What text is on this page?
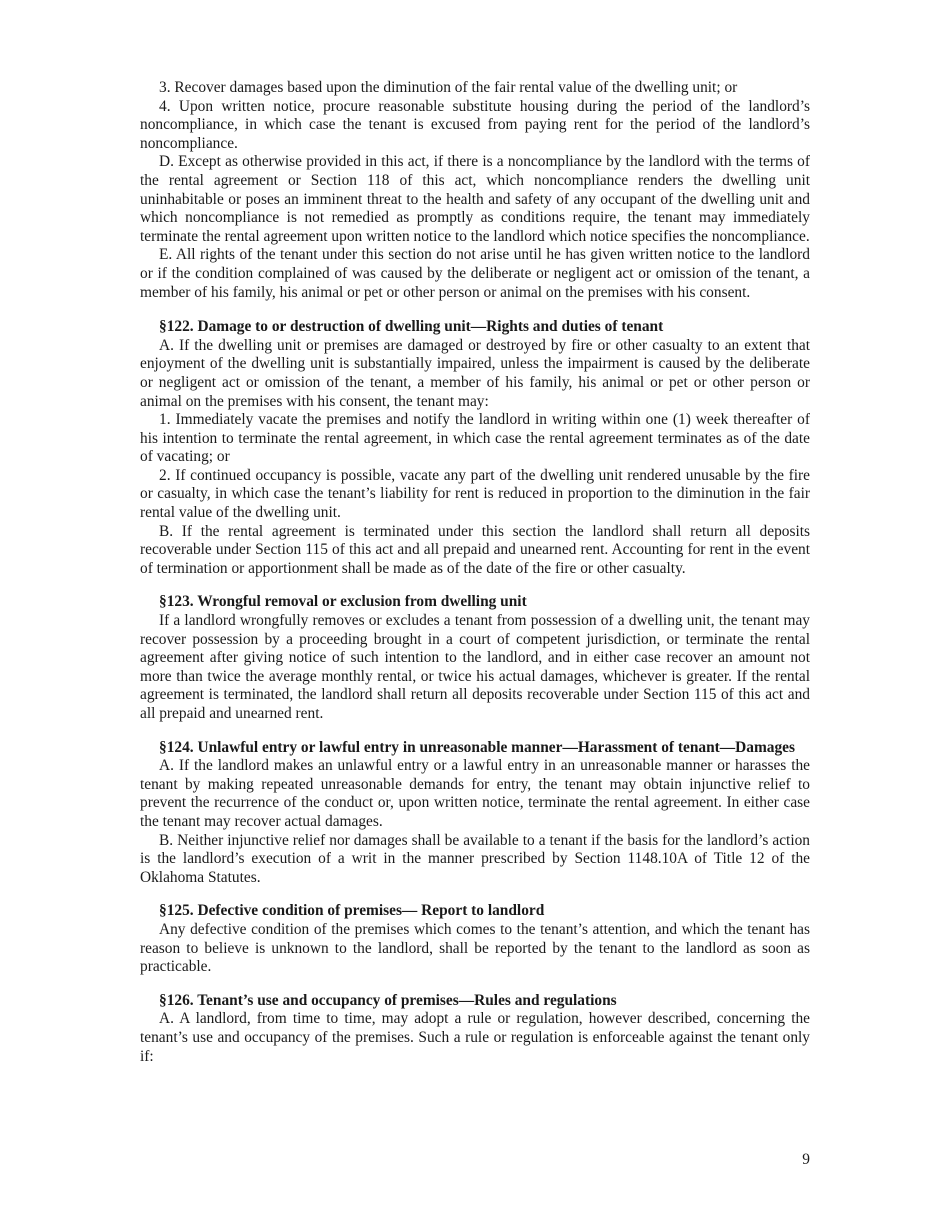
3. Recover damages based upon the diminution of the fair rental value of the dwelling unit; or

4. Upon written notice, procure reasonable substitute housing during the period of the landlord’s noncompliance, in which case the tenant is excused from paying rent for the period of the landlord’s noncompliance.

D. Except as otherwise provided in this act, if there is a noncompliance by the landlord with the terms of the rental agreement or Section 118 of this act, which noncompliance renders the dwelling unit uninhabitable or poses an imminent threat to the health and safety of any occupant of the dwelling unit and which noncompliance is not remedied as promptly as conditions require, the tenant may immediately terminate the rental agreement upon written notice to the landlord which notice specifies the noncompliance.

E. All rights of the tenant under this section do not arise until he has given written notice to the landlord or if the condition complained of was caused by the deliberate or negligent act or omission of the tenant, a member of his family, his animal or pet or other person or animal on the premises with his consent.

§122. Damage to or destruction of dwelling unit—Rights and duties of tenant

A. If the dwelling unit or premises are damaged or destroyed by fire or other casualty to an extent that enjoyment of the dwelling unit is substantially impaired, unless the impairment is caused by the deliberate or negligent act or omission of the tenant, a member of his family, his animal or pet or other person or animal on the premises with his consent, the tenant may:

1. Immediately vacate the premises and notify the landlord in writing within one (1) week thereafter of his intention to terminate the rental agreement, in which case the rental agreement terminates as of the date of vacating; or

2. If continued occupancy is possible, vacate any part of the dwelling unit rendered unusable by the fire or casualty, in which case the tenant’s liability for rent is reduced in proportion to the diminution in the fair rental value of the dwelling unit.

B. If the rental agreement is terminated under this section the landlord shall return all deposits recoverable under Section 115 of this act and all prepaid and unearned rent. Accounting for rent in the event of termination or apportionment shall be made as of the date of the fire or other casualty.

§123. Wrongful removal or exclusion from dwelling unit

If a landlord wrongfully removes or excludes a tenant from possession of a dwelling unit, the tenant may recover possession by a proceeding brought in a court of competent jurisdiction, or terminate the rental agreement after giving notice of such intention to the landlord, and in either case recover an amount not more than twice the average monthly rental, or twice his actual damages, whichever is greater. If the rental agreement is terminated, the landlord shall return all deposits recoverable under Section 115 of this act and all prepaid and unearned rent.

§124. Unlawful entry or lawful entry in unreasonable manner—Harassment of tenant—Damages

A. If the landlord makes an unlawful entry or a lawful entry in an unreasonable manner or harasses the tenant by making repeated unreasonable demands for entry, the tenant may obtain injunctive relief to prevent the recurrence of the conduct or, upon written notice, terminate the rental agreement. In either case the tenant may recover actual damages.

B. Neither injunctive relief nor damages shall be available to a tenant if the basis for the landlord’s action is the landlord’s execution of a writ in the manner prescribed by Section 1148.10A of Title 12 of the Oklahoma Statutes.

§125. Defective condition of premises— Report to landlord

Any defective condition of the premises which comes to the tenant’s attention, and which the tenant has reason to believe is unknown to the landlord, shall be reported by the tenant to the landlord as soon as practicable.

§126. Tenant’s use and occupancy of premises—Rules and regulations

A. A landlord, from time to time, may adopt a rule or regulation, however described, concerning the tenant’s use and occupancy of the premises. Such a rule or regulation is enforceable against the tenant only if:

9
